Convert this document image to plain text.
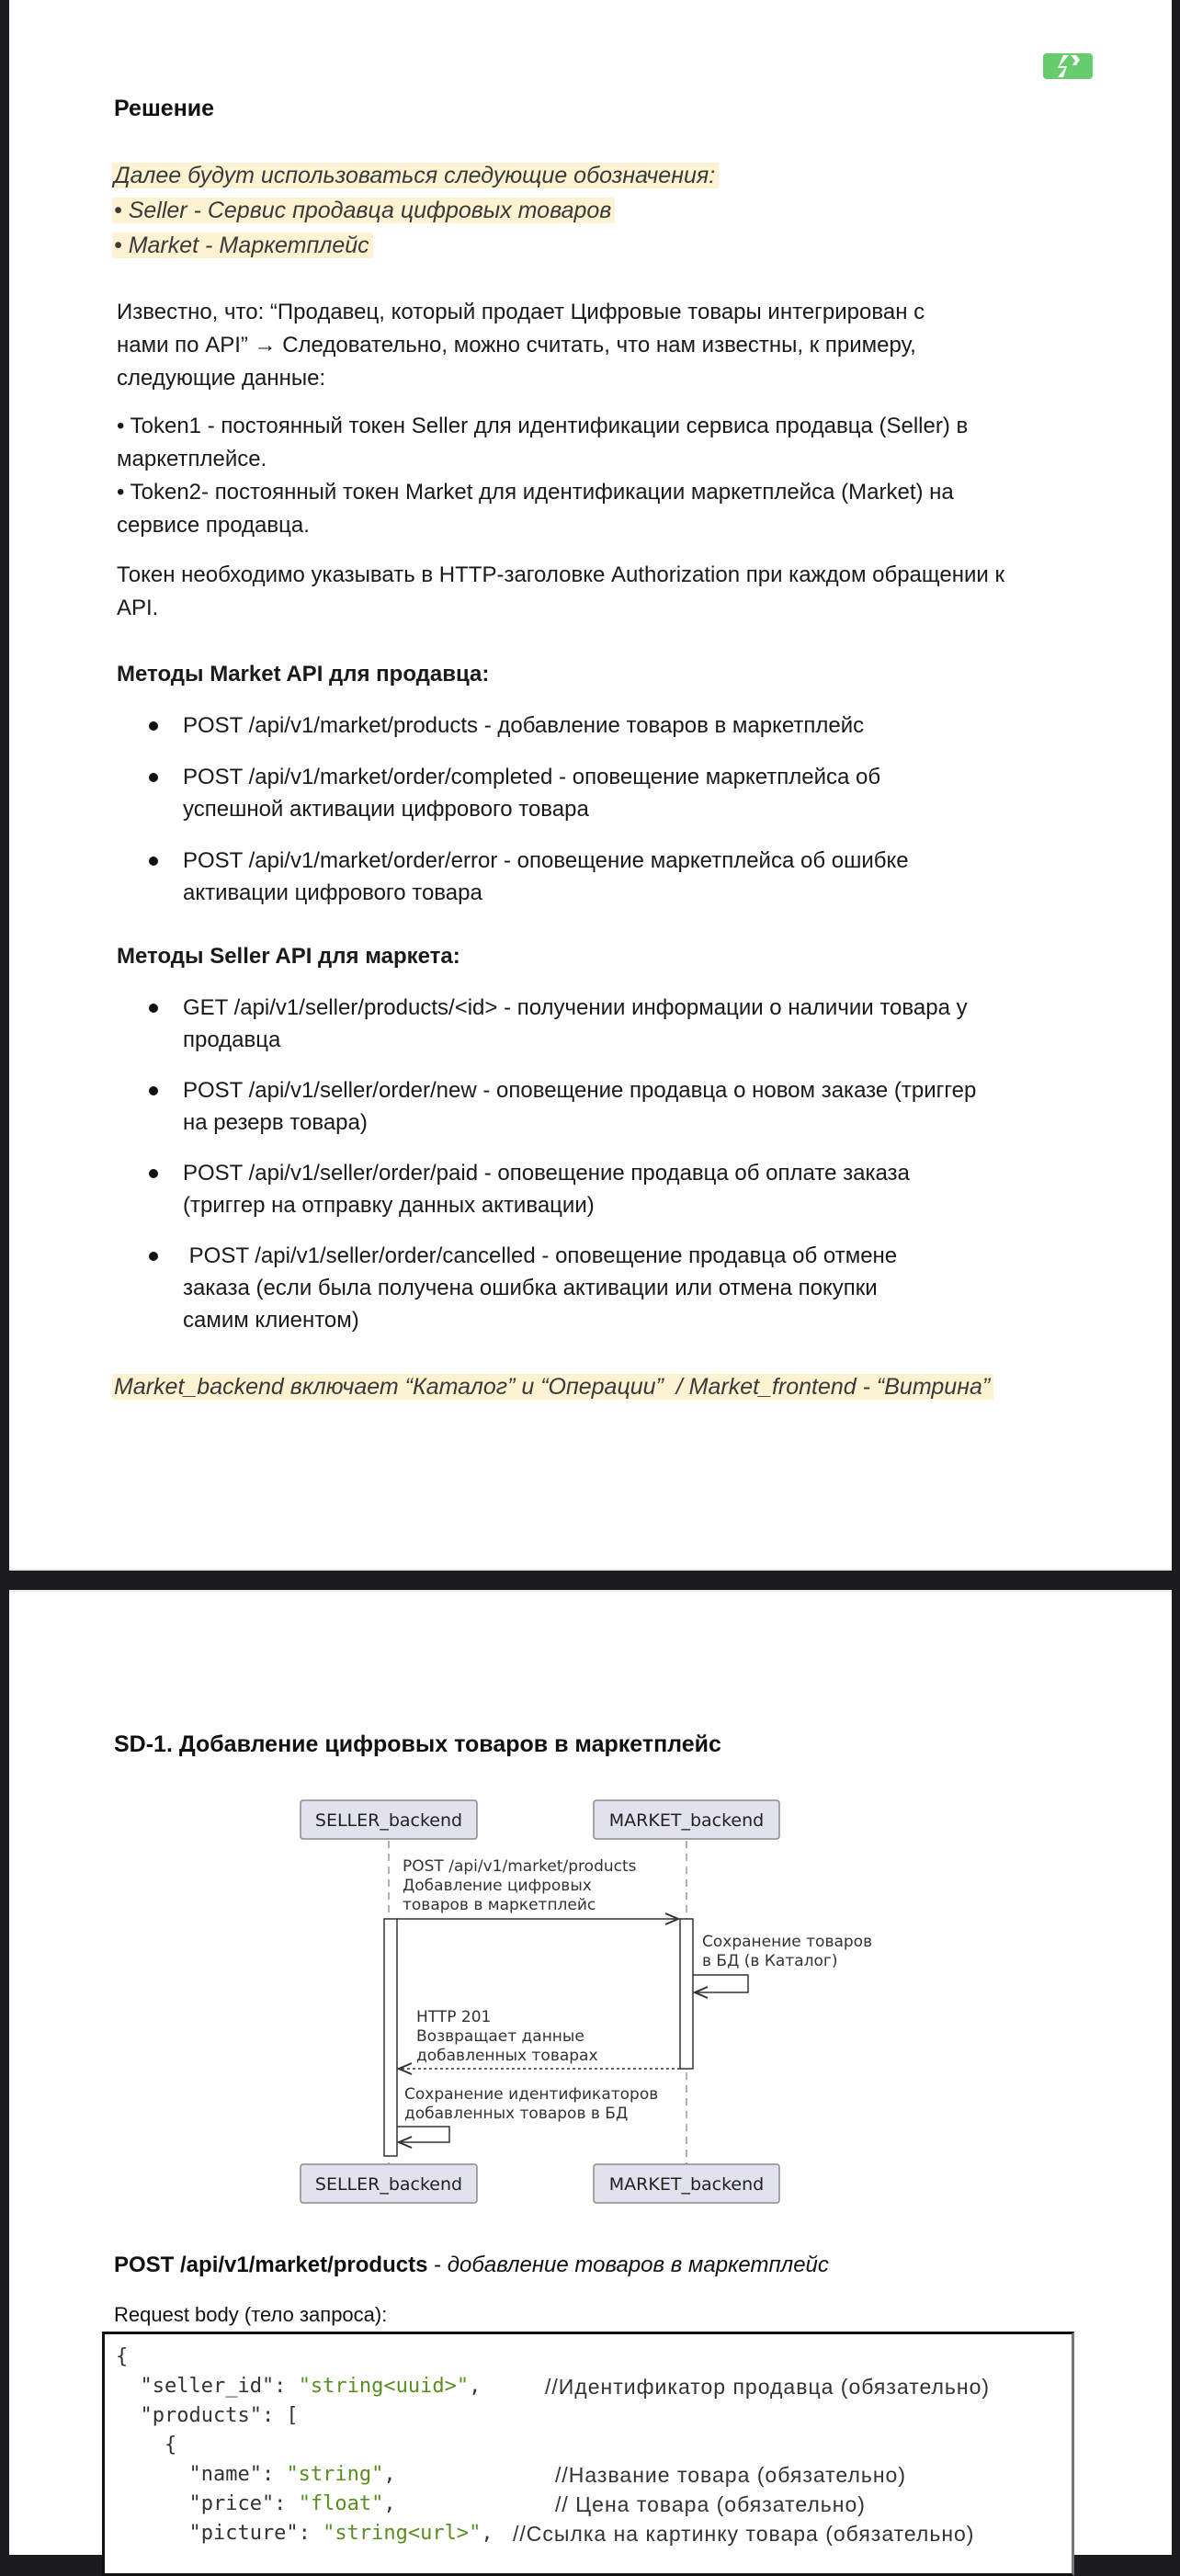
Решение
Далее будут использоваться следующие обозначения:
• Seller - Сервис продавца цифровых товаров
• Market - Маркетплейс
Известно, что: “Продавец, который продает Цифровые товары интегрирован с
нами по API” → Следовательно, можно считать, что нам известны, к примеру,
следующие данные:
• Token1 - постоянный токен Seller для идентификации сервиса продавца (Seller) в
маркетплейсе.
• Token2- постоянный токен Market для идентификации маркетплейса (Market) на
сервисе продавца.
Токен необходимо указывать в HTTP-заголовке Authorization при каждом обращении к
API.
Методы Market API для продавца:
POST /api/v1/market/products - добавление товаров в маркетплейс
POST /api/v1/market/order/completed - оповещение маркетплейса об
успешной активации цифрового товара
POST /api/v1/market/order/error - оповещение маркетплейса об ошибке
активации цифрового товара
Методы Seller API для маркета:
GET /api/v1/seller/products/<id> - получении информации о наличии товара у
продавца
POST /api/v1/seller/order/new - оповещение продавца о новом заказе (триггер
на резерв товара)
POST /api/v1/seller/order/paid - оповещение продавца об оплате заказа
(триггер на отправку данных активации)
POST /api/v1/seller/order/cancelled - оповещение продавца об отмене
заказа (если была получена ошибка активации или отмена покупки
самим клиентом)
Market_backend включает “Каталог” и “Операции”  / Market_frontend - “Витрина”
SD-1. Добавление цифровых товаров в маркетплейс
SELLER_backend	MARKET_backend
POST /api/v1/market/products
Добавление цифровых
товаров в маркетплейс
Сохранение товаров
в БД (в Каталог)
HTTP 201
Возвращает данные
добавленных товарах
Сохранение идентификаторов
добавленных товаров в БД
SELLER_backend	MARKET_backend
POST /api/v1/market/products - добавление товаров в маркетплейс
Request body (тело запроса):
{
"seller_id": "string<uuid>",	//Идентификатор продавца (обязательно)
"products": [
{
"name": "string",	//Название товара (обязательно)
"price": "float",	// Цена товара (обязательно)
"picture": "string<url>", //Ссылка на картинку товара (обязательно)
